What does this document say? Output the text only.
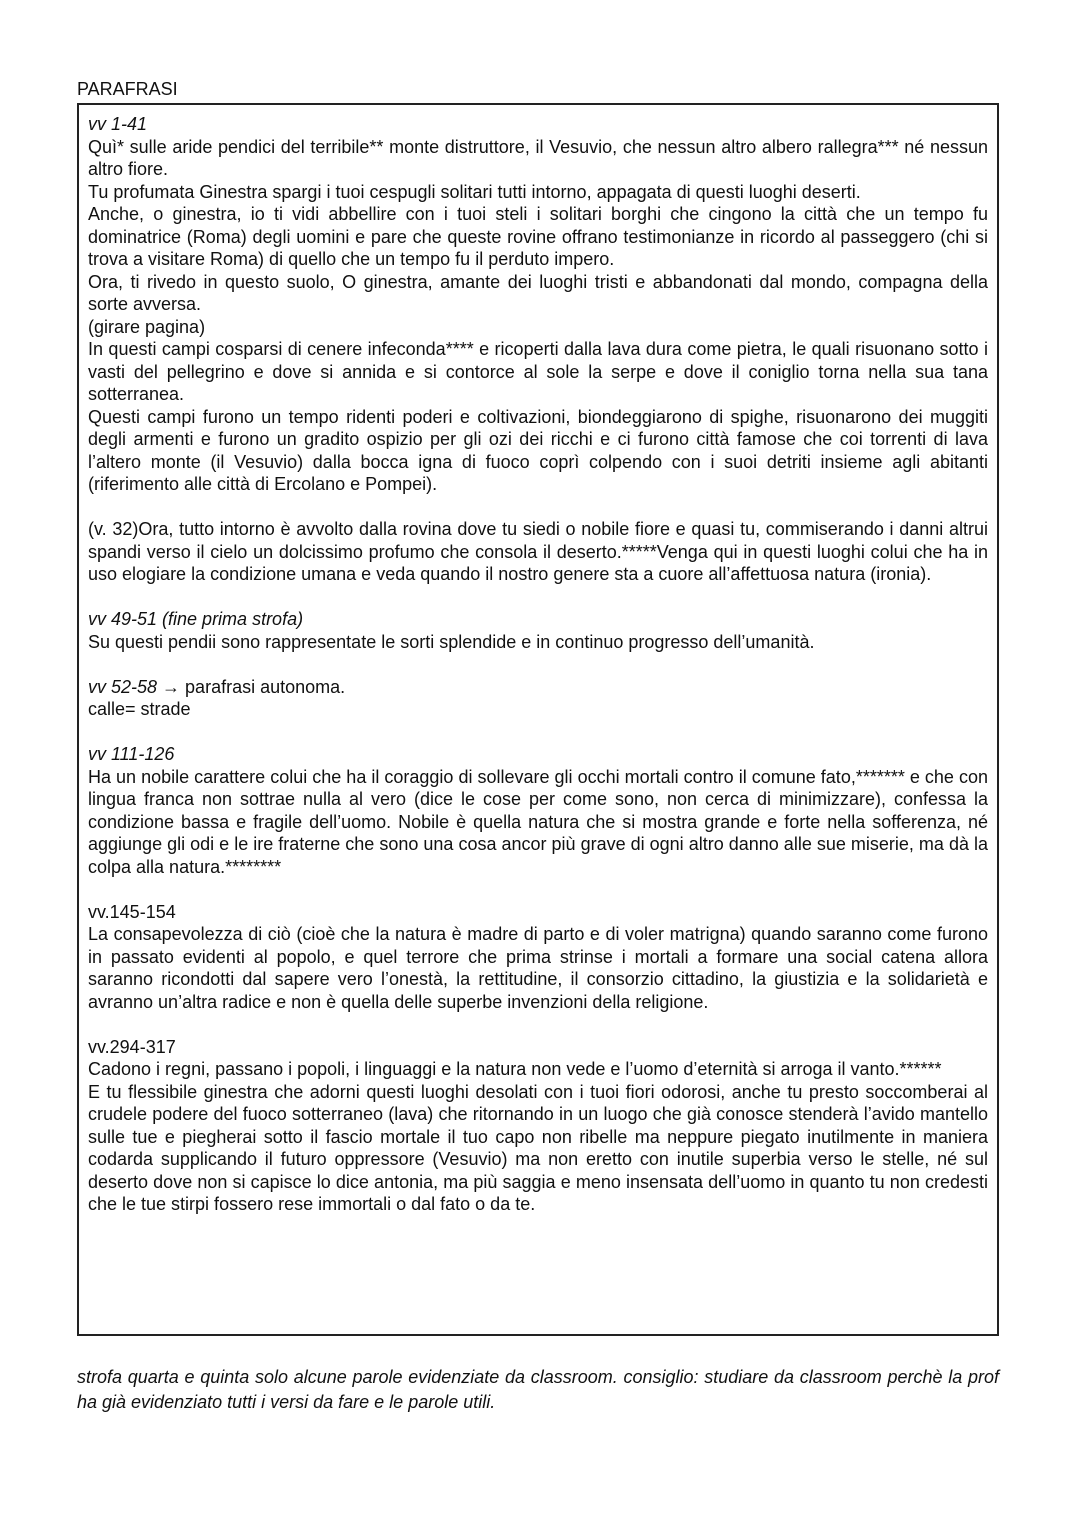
PARAFRASI
vv 1-41

Quì* sulle aride pendici del terribile** monte distruttore, il Vesuvio, che nessun altro albero rallegra*** né nessun altro fiore.

Tu profumata Ginestra spargi i tuoi cespugli solitari tutti intorno, appagata di questi luoghi deserti.

Anche, o ginestra, io ti vidi abbellire con i tuoi steli i solitari borghi che cingono la città che un tempo fu dominatrice (Roma) degli uomini e pare che queste rovine offrano testimonianze in ricordo al passeggero (chi si trova a visitare Roma) di quello che un tempo fu il perduto impero.

Ora, ti rivedo in questo suolo, O ginestra, amante dei luoghi tristi e abbandonati dal mondo, compagna della sorte avversa.

(girare pagina)

In questi campi cosparsi di cenere infeconda**** e ricoperti dalla lava dura come pietra, le quali risuonano sotto i vasti del pellegrino e dove si annida e si contorce al sole la serpe e dove il coniglio torna nella sua tana sotterranea.

Questi campi furono un tempo ridenti poderi e coltivazioni, biondeggiarono di spighe, risuonarono dei muggiti degli armenti e furono un gradito ospizio per gli ozi dei ricchi e ci furono città famose che coi torrenti di lava l’altero monte (il Vesuvio) dalla bocca igna di fuoco coprì colpendo con i suoi detriti insieme agli abitanti (riferimento alle città di Ercolano e Pompei).

(v. 32)Ora, tutto intorno è avvolto dalla rovina dove tu siedi o nobile fiore e quasi tu, commiserando i danni altrui spandi verso il cielo un dolcissimo profumo che consola il deserto.*****Venga qui in questi luoghi colui che ha in uso elogiare la condizione umana e veda quando il nostro genere sta a cuore all’affettuosa natura (ironia).

vv 49-51 (fine prima strofa)

Su questi pendii sono rappresentate le sorti splendide e in continuo progresso dell’umanità.

vv 52-58 → parafrasi autonoma.

calle= strade

vv 111-126

Ha un nobile carattere colui che ha il coraggio di sollevare gli occhi mortali contro il comune fato,******* e che con lingua franca non sottrae nulla al vero (dice le cose per come sono, non cerca di minimizzare), confessa la condizione bassa e fragile dell’uomo. Nobile è quella natura che si mostra grande e forte nella sofferenza, né aggiunge gli odi e le ire fraterne che sono una cosa ancor più grave di ogni altro danno alle sue miserie, ma dà la colpa alla natura.********

vv.145-154

La consapevolezza di ciò (cioè che la natura è madre di parto e di voler matrigna) quando saranno come furono in passato evidenti al popolo, e quel terrore che prima strinse i mortali a formare una social catena allora saranno ricondotti dal sapere vero l’onestà, la rettitudine, il consorzio cittadino, la giustizia e la solidarietà e avranno un’altra radice e non è quella delle superbe invenzioni della religione.

vv.294-317

Cadono i regni, passano i popoli, i linguaggi e la natura non vede e l’uomo d’eternità si arroga il vanto.******

E tu flessibile ginestra che adorni questi luoghi desolati con i tuoi fiori odorosi, anche tu presto soccomberai al crudele podere del fuoco sotterraneo (lava) che ritornando in un luogo che già conosce stenderà l’avido mantello sulle tue e piegherai sotto il fascio mortale il tuo capo non ribelle ma neppure piegato inutilmente in maniera codarda supplicando il futuro oppressore (Vesuvio) ma non eretto con inutile superbia verso le stelle, né sul deserto dove non si capisce lo dice antonia, ma più saggia e meno insensata dell’uomo in quanto tu non credesti che le tue stirpi fossero rese immortali o dal fato o da te.

strofa quarta e quinta solo alcune parole evidenziate da classroom. consiglio: studiare da classroom perchè la prof ha già evidenziato tutti i versi da fare e le parole utili.
